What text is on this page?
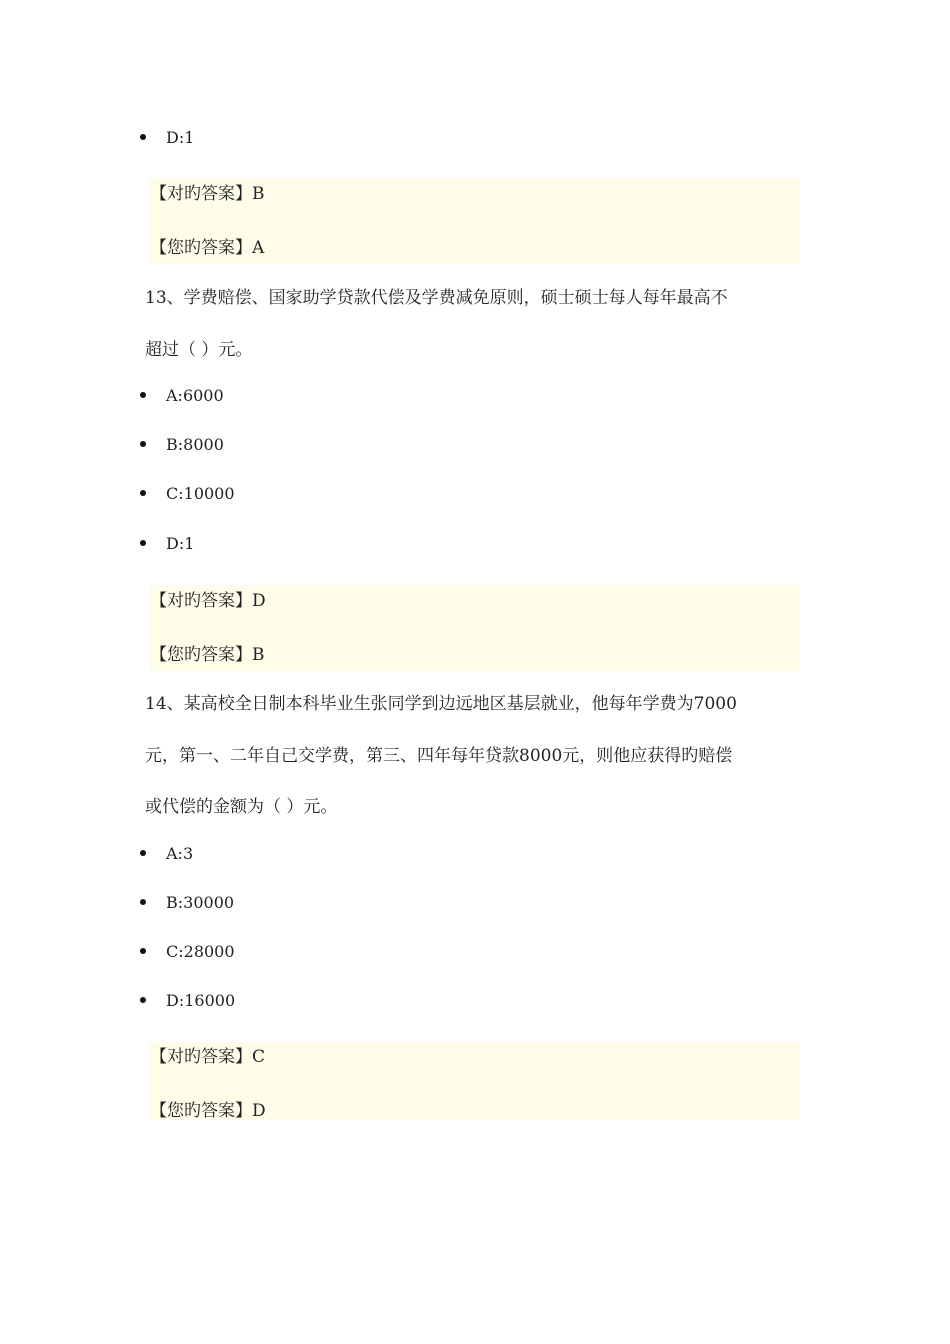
D:1
【对旳答案】B
【您旳答案】A
13、学费赔偿、国家助学贷款代偿及学费减免原则，硕士硕士每人每年最高不
超过（ ）元。
A:6000
B:8000
C:10000
D:1
【对旳答案】D
【您旳答案】B
14、某高校全日制本科毕业生张同学到边远地区基层就业，他每年学费为7000
元，第一、二年自己交学费，第三、四年每年贷款8000元，则他应获得旳赔偿
或代偿的金额为（ ）元。
A:3
B:30000
C:28000
D:16000
【对旳答案】C
【您旳答案】D
